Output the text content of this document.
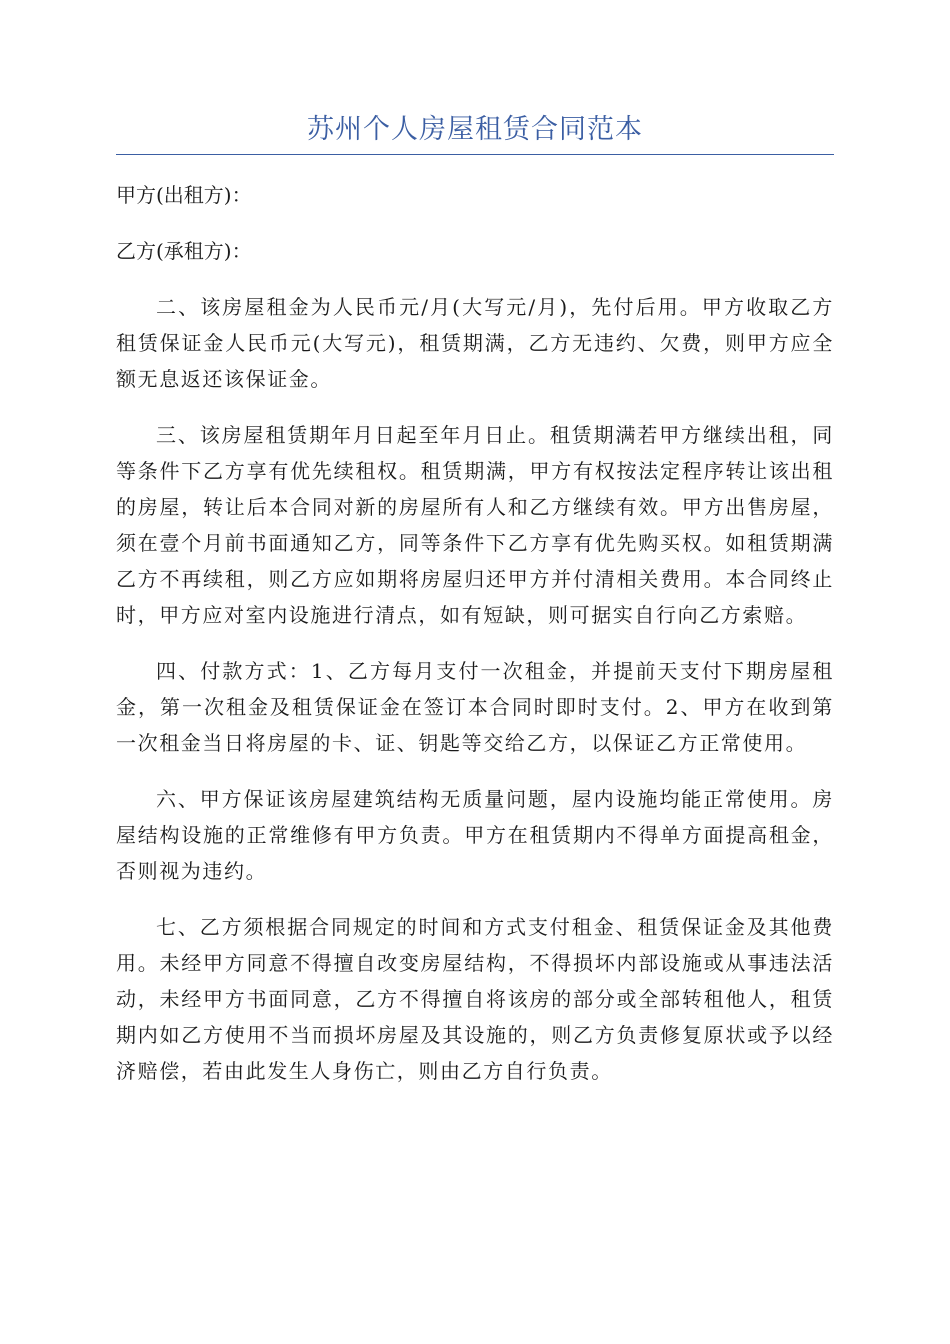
苏州个人房屋租赁合同范本

甲方(出租方)：

乙方(承租方)：

二、该房屋租金为人民币元/月(大写元/月)，先付后用。甲方收取乙方租赁保证金人民币元(大写元)，租赁期满，乙方无违约、欠费，则甲方应全额无息返还该保证金。

三、该房屋租赁期年月日起至年月日止。租赁期满若甲方继续出租，同等条件下乙方享有优先续租权。租赁期满，甲方有权按法定程序转让该出租的房屋，转让后本合同对新的房屋所有人和乙方继续有效。甲方出售房屋，须在壹个月前书面通知乙方，同等条件下乙方享有优先购买权。如租赁期满乙方不再续租，则乙方应如期将房屋归还甲方并付清相关费用。本合同终止时，甲方应对室内设施进行清点，如有短缺，则可据实自行向乙方索赔。

四、付款方式：1、乙方每月支付一次租金，并提前天支付下期房屋租金，第一次租金及租赁保证金在签订本合同时即时支付。2、甲方在收到第一次租金当日将房屋的卡、证、钥匙等交给乙方，以保证乙方正常使用。

六、甲方保证该房屋建筑结构无质量问题，屋内设施均能正常使用。房屋结构设施的正常维修有甲方负责。甲方在租赁期内不得单方面提高租金，否则视为违约。

七、乙方须根据合同规定的时间和方式支付租金、租赁保证金及其他费用。未经甲方同意不得擅自改变房屋结构，不得损坏内部设施或从事违法活动，未经甲方书面同意，乙方不得擅自将该房的部分或全部转租他人，租赁期内如乙方使用不当而损坏房屋及其设施的，则乙方负责修复原状或予以经济赔偿，若由此发生人身伤亡，则由乙方自行负责。
